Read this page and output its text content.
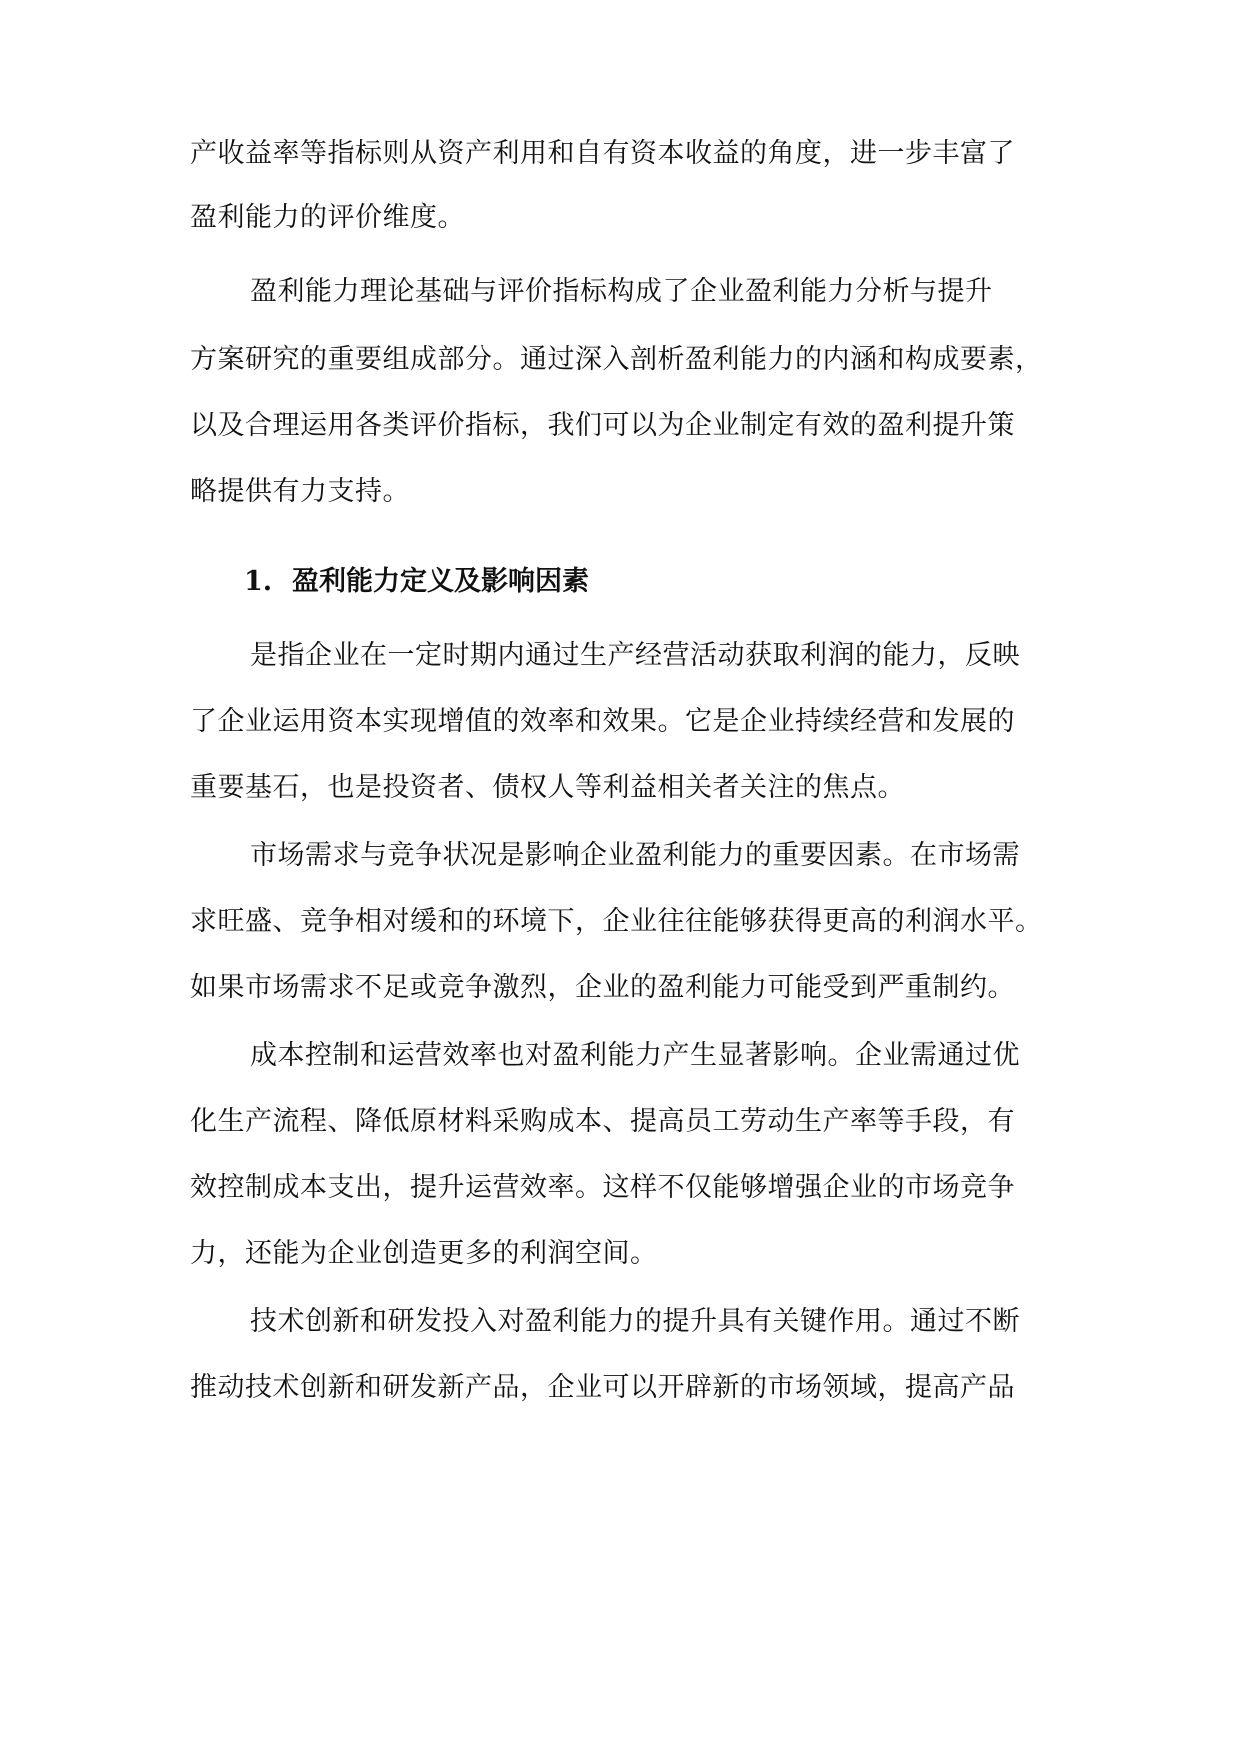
产收益率等指标则从资产利用和自有资本收益的角度，进一步丰富了
盈利能力的评价维度。
盈利能力理论基础与评价指标构成了企业盈利能力分析与提升
方案研究的重要组成部分。通过深入剖析盈利能力的内涵和构成要素，
以及合理运用各类评价指标，我们可以为企业制定有效的盈利提升策
略提供有力支持。
1. 盈利能力定义及影响因素
是指企业在一定时期内通过生产经营活动获取利润的能力，反映
了企业运用资本实现增值的效率和效果。它是企业持续经营和发展的
重要基石，也是投资者、债权人等利益相关者关注的焦点。
市场需求与竞争状况是影响企业盈利能力的重要因素。在市场需
求旺盛、竞争相对缓和的环境下，企业往往能够获得更高的利润水平。
如果市场需求不足或竞争激烈，企业的盈利能力可能受到严重制约。
成本控制和运营效率也对盈利能力产生显著影响。企业需通过优
化生产流程、降低原材料采购成本、提高员工劳动生产率等手段，有
效控制成本支出，提升运营效率。这样不仅能够增强企业的市场竞争
力，还能为企业创造更多的利润空间。
技术创新和研发投入对盈利能力的提升具有关键作用。通过不断
推动技术创新和研发新产品，企业可以开辟新的市场领域，提高产品
